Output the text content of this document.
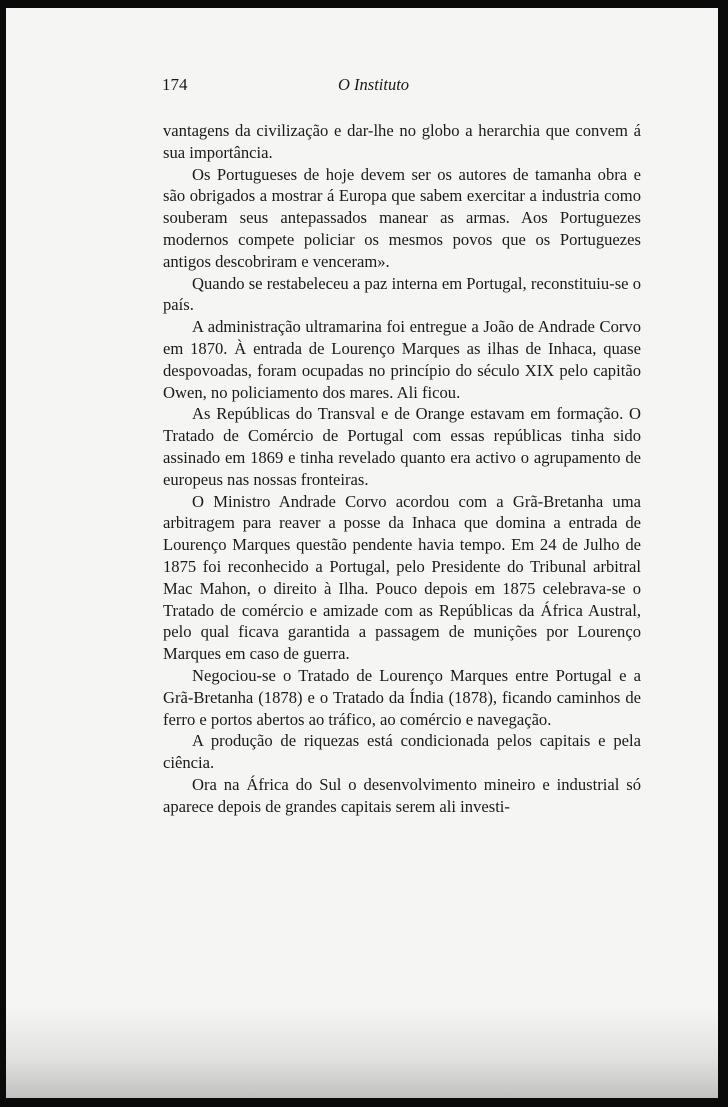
174	O Instituto

vantagens da civilização e dar-lhe no globo a herarchia que convem á sua importância.

Os Portugueses de hoje devem ser os autores de tamanha obra e são obrigados a mostrar á Europa que sabem exercitar a industria como souberam seus antepassados manear as armas. Aos Portuguezes modernos compete policiar os mesmos povos que os Portuguezes antigos descobriram e venceram».

Quando se restabeleceu a paz interna em Portugal, reconstituiu-se o país.

A administração ultramarina foi entregue a João de Andrade Corvo em 1870. À entrada de Lourenço Marques as ilhas de Inhaca, quase despovoadas, foram ocupadas no princípio do século XIX pelo capitão Owen, no policiamento dos mares. Ali ficou.

As Repúblicas do Transval e de Orange estavam em formação. O Tratado de Comércio de Portugal com essas repúblicas tinha sido assinado em 1869 e tinha revelado quanto era activo o agrupamento de europeus nas nossas fronteiras.

O Ministro Andrade Corvo acordou com a Grã-Bretanha uma arbitragem para reaver a posse da Inhaca que domina a entrada de Lourenço Marques questão pendente havia tempo. Em 24 de Julho de 1875 foi reconhecido a Portugal, pelo Presidente do Tribunal arbitral Mac Mahon, o direito à Ilha. Pouco depois em 1875 celebrava-se o Tratado de comércio e amizade com as Repúblicas da África Austral, pelo qual ficava garantida a passagem de munições por Lourenço Marques em caso de guerra.

Negociou-se o Tratado de Lourenço Marques entre Portugal e a Grã-Bretanha (1878) e o Tratado da Índia (1878), ficando caminhos de ferro e portos abertos ao tráfico, ao comércio e navegação.

A produção de riquezas está condicionada pelos capitais e pela ciência.

Ora na África do Sul o desenvolvimento mineiro e industrial só aparece depois de grandes capitais serem ali investi-
